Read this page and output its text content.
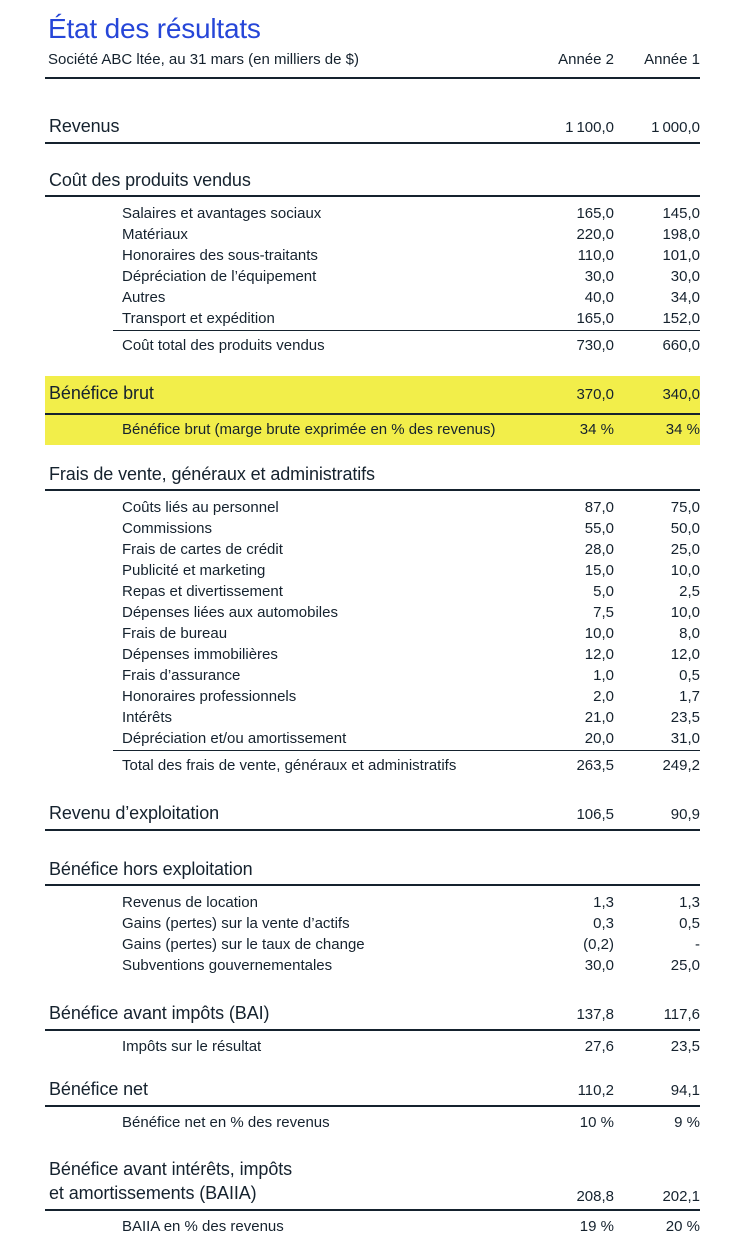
État des résultats
Société ABC ltée, au 31 mars (en milliers de $)	Année 2	Année 1
Revenus	1 100,0	1 000,0
Coût des produits vendus
Salaires et avantages sociaux	165,0	145,0
Matériaux	220,0	198,0
Honoraires des sous-traitants	110,0	101,0
Dépréciation de l’équipement	30,0	30,0
Autres	40,0	34,0
Transport et expédition	165,0	152,0
Coût total des produits vendus	730,0	660,0
Bénéfice brut	370,0	340,0
Bénéfice brut (marge brute exprimée en % des revenus)	34 %	34 %
Frais de vente, généraux et administratifs
Coûts liés au personnel	87,0	75,0
Commissions	55,0	50,0
Frais de cartes de crédit	28,0	25,0
Publicité et marketing	15,0	10,0
Repas et divertissement	5,0	2,5
Dépenses liées aux automobiles	7,5	10,0
Frais de bureau	10,0	8,0
Dépenses immobilières	12,0	12,0
Frais d’assurance	1,0	0,5
Honoraires professionnels	2,0	1,7
Intérêts	21,0	23,5
Dépréciation et/ou amortissement	20,0	31,0
Total des frais de vente, généraux et administratifs	263,5	249,2
Revenu d’exploitation	106,5	90,9
Bénéfice hors exploitation
Revenus de location	1,3	1,3
Gains (pertes) sur la vente d’actifs	0,3	0,5
Gains (pertes) sur le taux de change	(0,2)	-
Subventions gouvernementales	30,0	25,0
Bénéfice avant impôts (BAI)	137,8	117,6
Impôts sur le résultat	27,6	23,5
Bénéfice net	110,2	94,1
Bénéfice net en % des revenus	10 %	9 %
Bénéfice avant intérêts, impôts
et amortissements (BAIIA)	208,8	202,1
BAIIA en % des revenus	19 %	20 %
